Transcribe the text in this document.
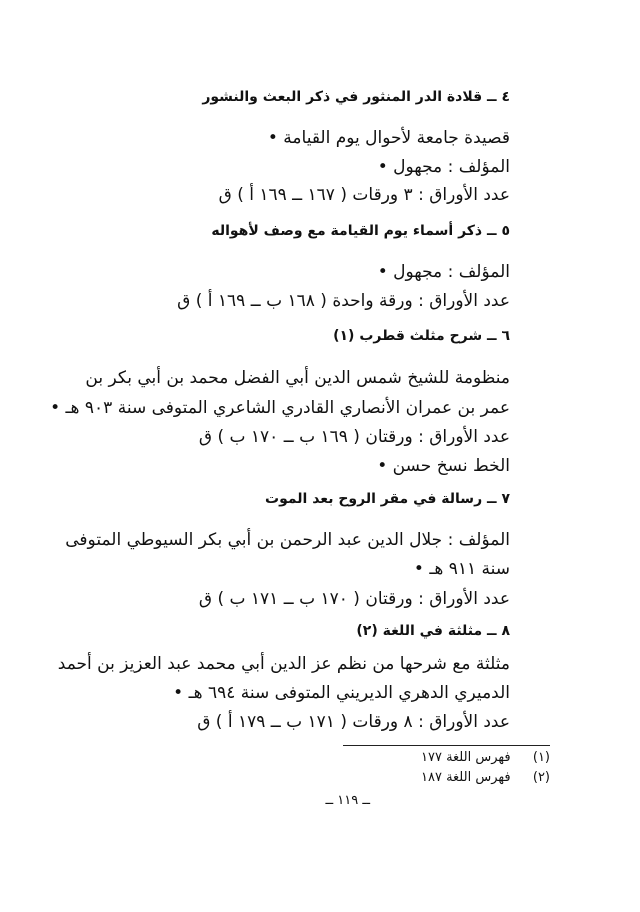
٤ ــ قلادة الدر المنثور في ذكر البعث والنشور

قصيدة جامعة لأحوال يوم القيامة •

المؤلف : مجهول •

عدد الأوراق : ٣ ورقات ( ١٦٧ ــ ١٦٩ أ ) ق

٥ ــ ذكر أسماء يوم القيامة مع وصف لأهواله

المؤلف : مجهول •

عدد الأوراق : ورقة واحدة ( ١٦٨ ب ــ ١٦٩ أ ) ق

٦ ــ شرح مثلث قطرب (١)

منظومة للشيخ شمس الدين أبي الفضل محمد بن أبي بكر بن

عمر بن عمران الأنصاري القادري الشاعري المتوفى سنة ٩٠٣ هـ •

عدد الأوراق : ورقتان ( ١٦٩ ب ــ ١٧٠ ب ) ق

الخط نسخ حسن •

٧ ــ رسالة في مقر الروح بعد الموت

المؤلف : جلال الدين عبد الرحمن بن أبي بكر السيوطي المتوفى

سنة ٩١١ هـ •

عدد الأوراق : ورقتان ( ١٧٠ ب ــ ١٧١ ب ) ق

٨ ــ مثلثة في اللغة (٢)

مثلثة مع شرحها من نظم عز الدين أبي محمد عبد العزيز بن أحمد

الدميري الدهري الديريني المتوفى سنة ٦٩٤ هـ •

عدد الأوراق : ٨ ورقات ( ١٧١ ب ــ ١٧٩ أ ) ق

(١)  فهرس اللغة ١٧٧
(٢)  فهرس اللغة ١٨٧

ــ ١١٩ ــ
